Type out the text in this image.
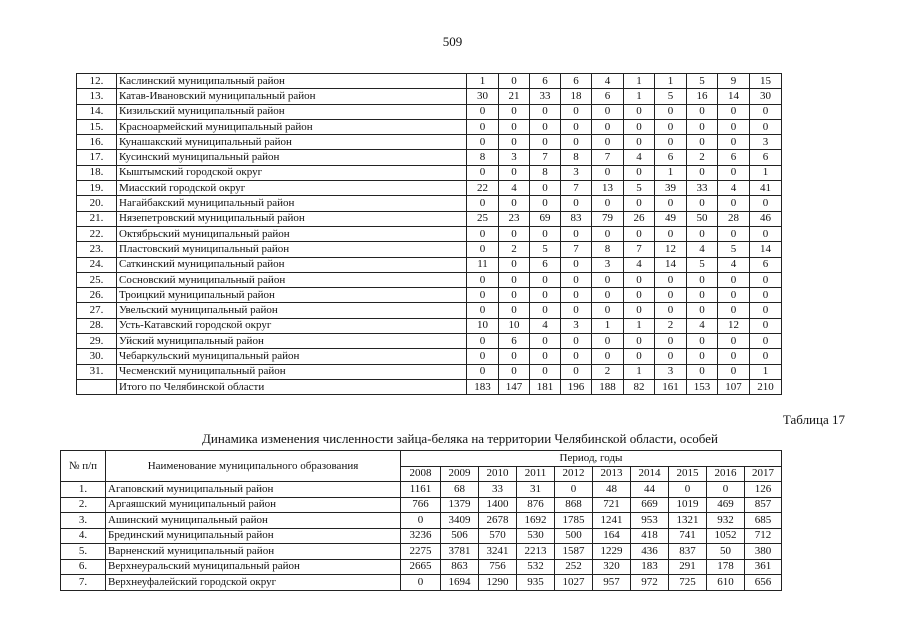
509
12.	Каслинский муниципальный район	1	0	6	6	4	1	1	5	9	15
13.	Катав-Ивановский муниципальный район	30	21	33	18	6	1	5	16	14	30
14.	Кизильский муниципальный район	0	0	0	0	0	0	0	0	0	0
15.	Красноармейский муниципальный район	0	0	0	0	0	0	0	0	0	0
16.	Кунашакский муниципальный район	0	0	0	0	0	0	0	0	0	3
17.	Кусинский муниципальный район	8	3	7	8	7	4	6	2	6	6
18.	Кыштымский городской округ	0	0	8	3	0	0	1	0	0	1
19.	Миасский городской округ	22	4	0	7	13	5	39	33	4	41
20.	Нагайбакский муниципальный район	0	0	0	0	0	0	0	0	0	0
21.	Нязепетровский муниципальный район	25	23	69	83	79	26	49	50	28	46
22.	Октябрьский муниципальный район	0	0	0	0	0	0	0	0	0	0
23.	Пластовский муниципальный район	0	2	5	7	8	7	12	4	5	14
24.	Саткинский муниципальный район	11	0	6	0	3	4	14	5	4	6
25.	Сосновский муниципальный район	0	0	0	0	0	0	0	0	0	0
26.	Троицкий муниципальный район	0	0	0	0	0	0	0	0	0	0
27.	Увельский муниципальный район	0	0	0	0	0	0	0	0	0	0
28.	Усть-Катавский городской округ	10	10	4	3	1	1	2	4	12	0
29.	Уйский муниципальный район	0	6	0	0	0	0	0	0	0	0
30.	Чебаркульский муниципальный район	0	0	0	0	0	0	0	0	0	0
31.	Чесменский муниципальный район	0	0	0	0	2	1	3	0	0	1
	Итого по Челябинской области	183	147	181	196	188	82	161	153	107	210
Таблица 17
Динамика изменения численности зайца-беляка на территории Челябинской области, особей
№ п/п	Наименование муниципального образования	Период, годы									
		2008	2009	2010	2011	2012	2013	2014	2015	2016	2017
1.	Агаповский муниципальный район	1161	68	33	31	0	48	44	0	0	126
2.	Аргаяшский муниципальный район	766	1379	1400	876	868	721	669	1019	469	857
3.	Ашинский муниципальный район	0	3409	2678	1692	1785	1241	953	1321	932	685
4.	Брединский муниципальный район	3236	506	570	530	500	164	418	741	1052	712
5.	Варненский муниципальный район	2275	3781	3241	2213	1587	1229	436	837	50	380
6.	Верхнеуральский муниципальный район	2665	863	756	532	252	320	183	291	178	361
7.	Верхнеуфалейский городской округ	0	1694	1290	935	1027	957	972	725	610	656
